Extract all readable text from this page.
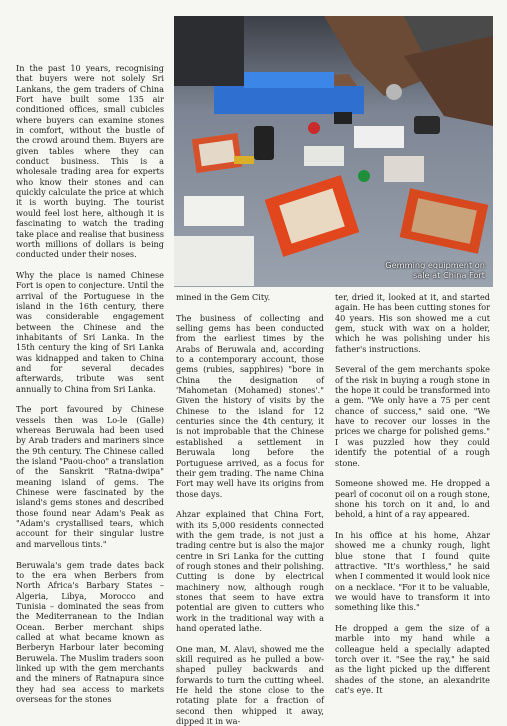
Gemming equipment on
sale at China Fort

In the past 10 years, recognising that buyers were not solely Sri Lankans, the gem traders of China Fort have built some 135 air conditioned offices, small cubicles where buyers can examine stones in comfort, without the bustle of the crowd around them. Buyers are given tables where they can conduct business. This is a wholesale trading area for experts who know their stones and can quickly calculate the price at which it is worth buying. The tourist would feel lost here, although it is fascinating to watch the trading take place and realise that business worth millions of dollars is being conducted under their noses.

Why the place is named Chinese Fort is open to conjecture. Until the arrival of the Portuguese in the island in the 16th century, there was considerable engagement between the Chinese and the inhabitants of Sri Lanka. In the 15th century the king of Sri Lanka was kidnapped and taken to China and for several decades afterwards, tribute was sent annually to China from Sri Lanka.

The port favoured by Chinese vessels then was Lo-le (Galle) whereas Beruwala had been used by Arab traders and mariners since the 9th century. The Chinese called the island "Paou-choo" a translation of the Sanskrit "Ratna-dwipa" meaning island of gems. The Chinese were fascinated by the island's gems stones and described those found near Adam's Peak as "Adam's crystallised tears, which account for their singular lustre and marvellous tints."

Beruwala's gem trade dates back to the era when Berbers from North Africa's Barbary States – Algeria, Libya, Morocco and Tunisia – dominated the seas from the Mediterranean to the Indian Ocean. Berber merchant ships called at what became known as Berberyn Harbour later becoming Beruwela. The Muslim traders soon linked up with the gem merchants and the miners of Ratnapura since they had sea access to markets overseas for the stones

mined in the Gem City.

The business of collecting and selling gems has been conducted from the earliest times by the Arabs of Beruwala and, according to a contemporary account, those gems (rubies, sapphires) "bore in China the designation of 'Mahometan (Mohamed) stones'." Given the history of visits by the Chinese to the island for 12 centuries since the 4th century, it is not improbable that the Chinese established a settlement in Beruwala long before the Portuguese arrived, as a focus for their gem trading. The name China Fort may well have its origins from those days.

Ahzar explained that China Fort, with its 5,000 residents connected with the gem trade, is not just a trading centre but is also the major centre in Sri Lanka for the cutting of rough stones and their polishing. Cutting is done by electrical machinery now, although rough stones that seem to have extra potential are given to cutters who work in the traditional way with a hand operated lathe.

One man, M. Alavi, showed me the skill required as he pulled a bow-shaped pulley backwards and forwards to turn the cutting wheel. He held the stone close to the rotating plate for a fraction of second then whipped it away, dipped it in wa-

ter, dried it, looked at it, and started again. He has been cutting stones for 40 years. His son showed me a cut gem, stuck with wax on a holder, which he was polishing under his father's instructions.

Several of the gem merchants spoke of the risk in buying a rough stone in the hope it could be transformed into a gem. "We only have a 75 per cent chance of success," said one. "We have to recover our losses in the prices we charge for polished gems." I was puzzled how they could identify the potential of a rough stone.

Someone showed me. He dropped a pearl of coconut oil on a rough stone, shone his torch on it and, lo and behold, a hint of a ray appeared.

In his office at his home, Ahzar showed me a chunky rough, light blue stone that I found quite attractive. "It's worthless," he said when I commented it would look nice on a necklace. "For it to be valuable, we would have to transform it into something like this."

He dropped a gem the size of a marble into my hand while a colleague held a specially adapted torch over it. "See the ray," he said as the light picked up the different shades of the stone, an alexandrite cat's eye. It
